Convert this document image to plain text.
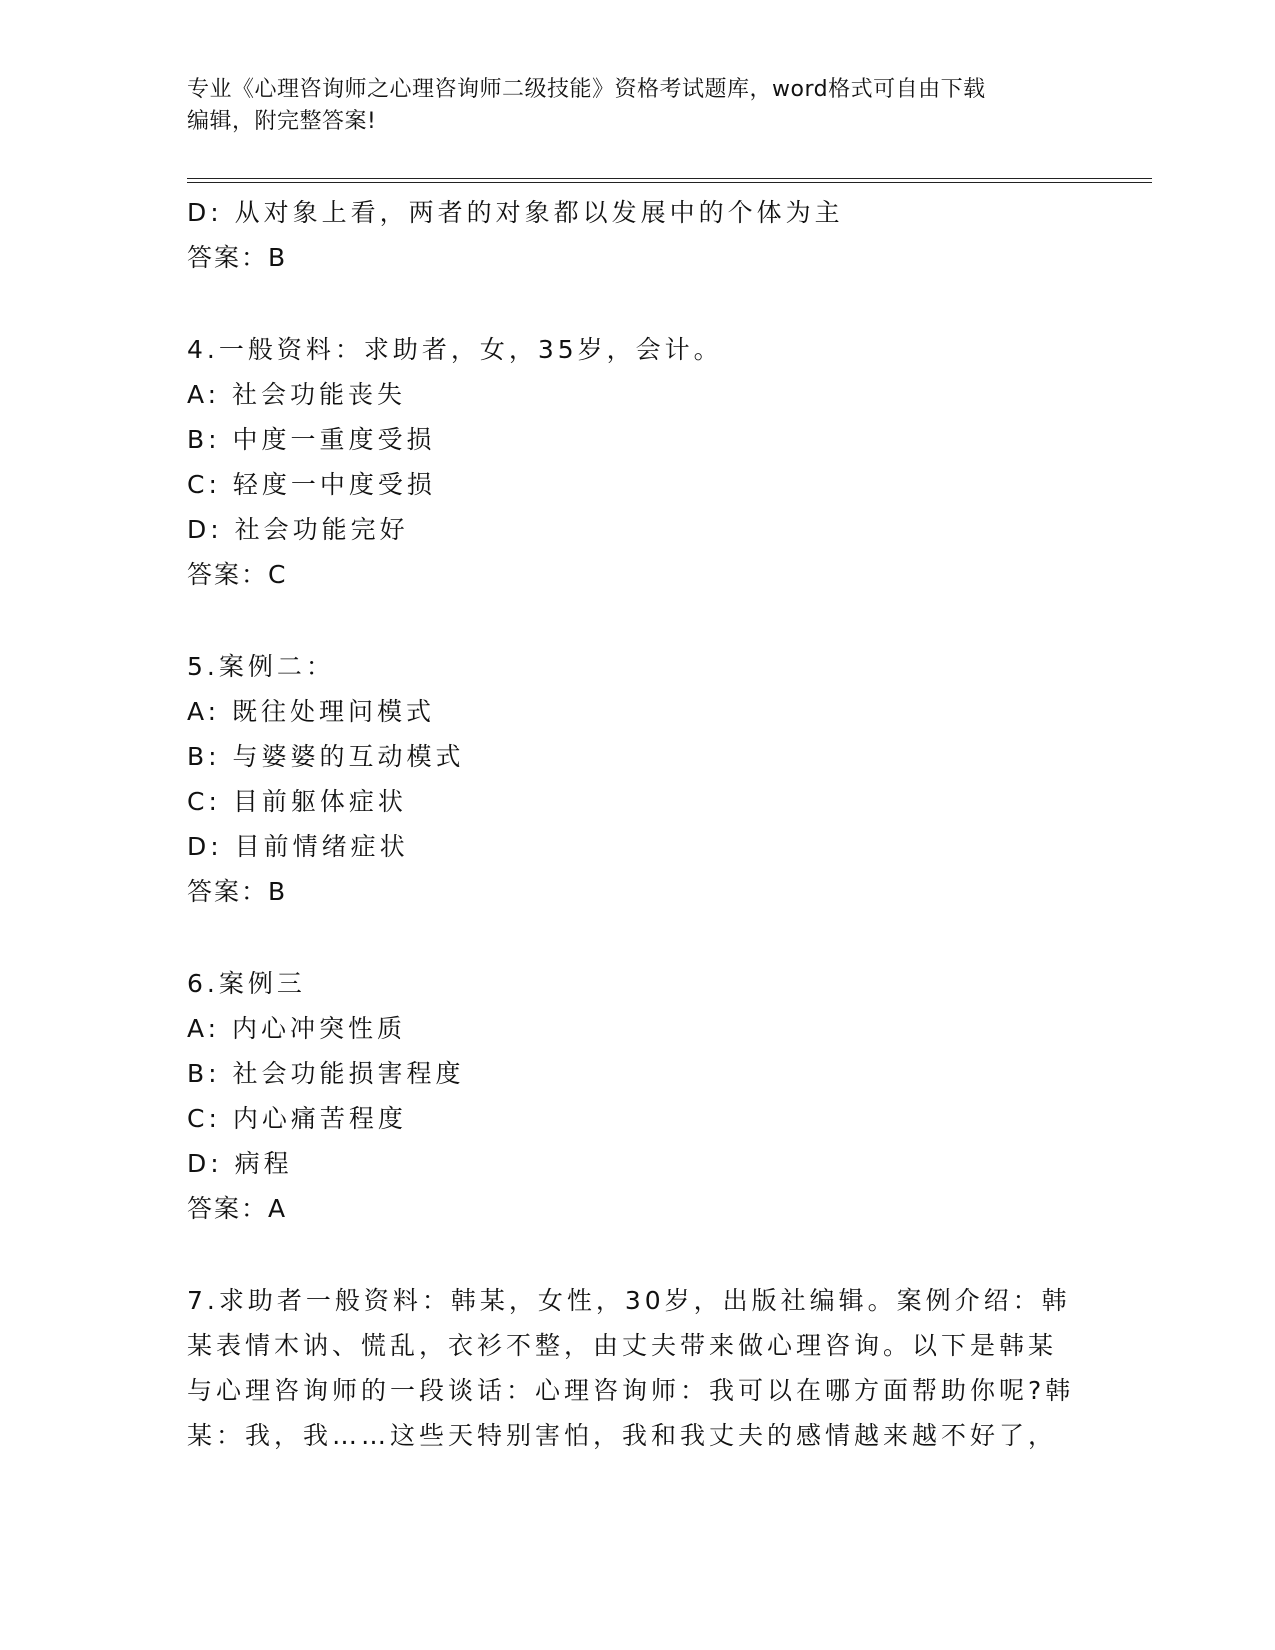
专业《心理咨询师之心理咨询师二级技能》资格考试题库，word格式可自由下载
编辑，附完整答案!
D: 从对象上看，两者的对象都以发展中的个体为主
答案：B
4.一般资料：求助者，女，35岁，会计。
A: 社会功能丧失
B: 中度一重度受损
C: 轻度一中度受损
D: 社会功能完好
答案：C
5.案例二：
A: 既往处理问模式
B: 与婆婆的互动模式
C: 目前躯体症状
D: 目前情绪症状
答案：B
6.案例三
A: 内心冲突性质
B: 社会功能损害程度
C: 内心痛苦程度
D: 病程
答案：A
7.求助者一般资料：韩某，女性，30岁，出版社编辑。案例介绍：韩
某表情木讷、慌乱，衣衫不整，由丈夫带来做心理咨询。以下是韩某
与心理咨询师的一段谈话：心理咨询师：我可以在哪方面帮助你呢?韩
某：我，我……这些天特别害怕，我和我丈夫的感情越来越不好了，
